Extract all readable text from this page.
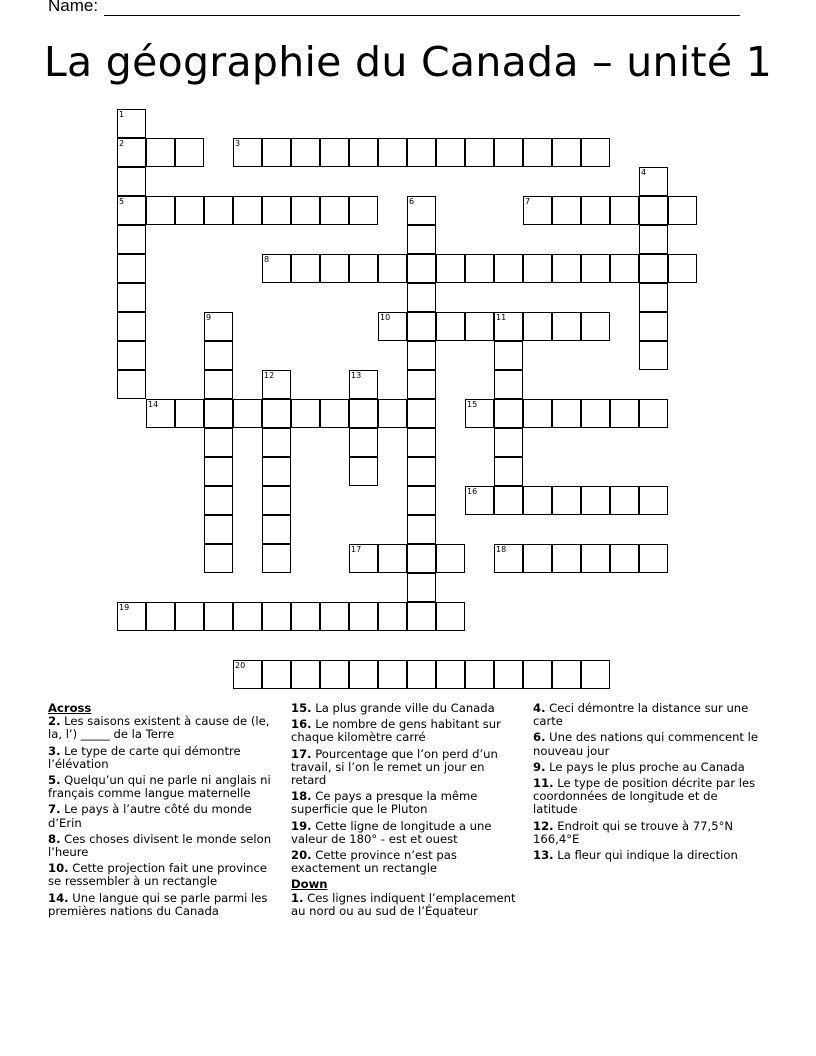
Name:
La géographie du Canada – unité 1
1
2
5
3
4
6	7
8
9	10	11
12	13
14	15
16
17	18
19
20
Across
2. Les saisons existent à cause de (le, la, l’) _____ de la Terre
3. Le type de carte qui démontre l’élévation
5. Quelqu’un qui ne parle ni anglais ni français comme langue maternelle
7. Le pays à l’autre côté du monde d’Erin
8. Ces choses divisent le monde selon l’heure
10. Cette projection fait une province se ressembler à un rectangle
14. Une langue qui se parle parmi les premières nations du Canada
15. La plus grande ville du Canada
16. Le nombre de gens habitant sur chaque kilomètre carré
17. Pourcentage que l’on perd d’un travail, si l’on le remet un jour en retard
18. Ce pays a presque la même superficie que le Pluton
19. Cette ligne de longitude a une valeur de 180° - est et ouest
20. Cette province n’est pas exactement un rectangle
Down
1. Ces lignes indiquent l’emplacement au nord ou au sud de l’Équateur
4. Ceci démontre la distance sur une carte
6. Une des nations qui commencent le nouveau jour
9. Le pays le plus proche au Canada
11. Le type de position décrite par les coordonnées de longitude et de latitude
12. Endroit qui se trouve à 77,5°N 166,4°E
13. La fleur qui indique la direction
